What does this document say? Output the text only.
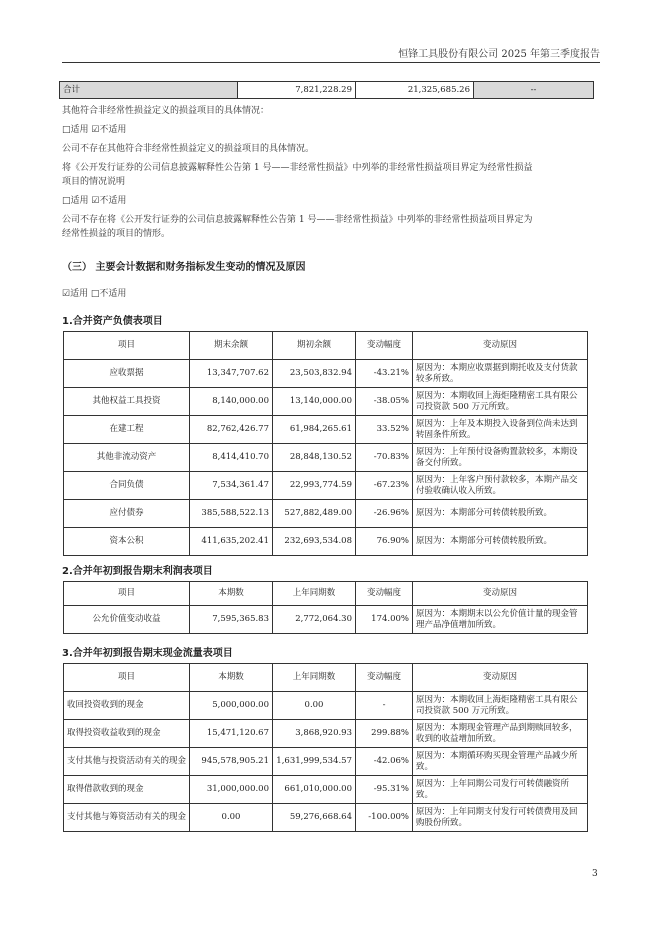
恒锋工具股份有限公司 2025 年第三季度报告
合计	7,821,228.29	21,325,685.26	--
其他符合非经常性损益定义的损益项目的具体情况：
□适用 ☑不适用
公司不存在其他符合非经常性损益定义的损益项目的具体情况。
将《公开发行证券的公司信息披露解释性公告第 1 号——非经常性损益》中列举的非经常性损益项目界定为经常性损益
项目的情况说明
□适用 ☑不适用
公司不存在将《公开发行证券的公司信息披露解释性公告第 1 号——非经常性损益》中列举的非经常性损益项目界定为
经常性损益的项目的情形。
（三） 主要会计数据和财务指标发生变动的情况及原因
☑适用 □不适用
1.合并资产负债表项目
项目	期末余额	期初余额	变动幅度	变动原因
应收票据	13,347,707.62	23,503,832.94	-43.21%	原因为：本期应收票据到期托收及支付货款较多所致。
其他权益工具投资	8,140,000.00	13,140,000.00	-38.05%	原因为：本期收回上海炬隆精密工具有限公司投资款 500 万元所致。
在建工程	82,762,426.77	61,984,265.61	33.52%	原因为：上年及本期投入设备到位尚未达到转固条件所致。
其他非流动资产	8,414,410.70	28,848,130.52	-70.83%	原因为：上年预付设备购置款较多，本期设备交付所致。
合同负债	7,534,361.47	22,993,774.59	-67.23%	原因为：上年客户预付款较多，本期产品交付验收确认收入所致。
应付债券	385,588,522.13	527,882,489.00	-26.96%	原因为：本期部分可转债转股所致。
资本公积	411,635,202.41	232,693,534.08	76.90%	原因为：本期部分可转债转股所致。
2.合并年初到报告期末利润表项目
项目	本期数	上年同期数	变动幅度	变动原因
公允价值变动收益	7,595,365.83	2,772,064.30	174.00%	原因为：本期期末以公允价值计量的现金管理产品净值增加所致。
3.合并年初到报告期末现金流量表项目
项目	本期数	上年同期数	变动幅度	变动原因
收回投资收到的现金	5,000,000.00	0.00	-	原因为：本期收回上海炬隆精密工具有限公司投资款 500 万元所致。
取得投资收益收到的现金	15,471,120.67	3,868,920.93	299.88%	原因为：本期现金管理产品到期赎回较多，收到的收益增加所致。
支付其他与投资活动有关的现金	945,578,905.21	1,631,999,534.57	-42.06%	原因为：本期循环购买现金管理产品减少所致。
取得借款收到的现金	31,000,000.00	661,010,000.00	-95.31%	原因为：上年同期公司发行可转债融资所致。
支付其他与筹资活动有关的现金	0.00	59,276,668.64	-100.00%	原因为：上年同期支付发行可转债费用及回购股份所致。
3
